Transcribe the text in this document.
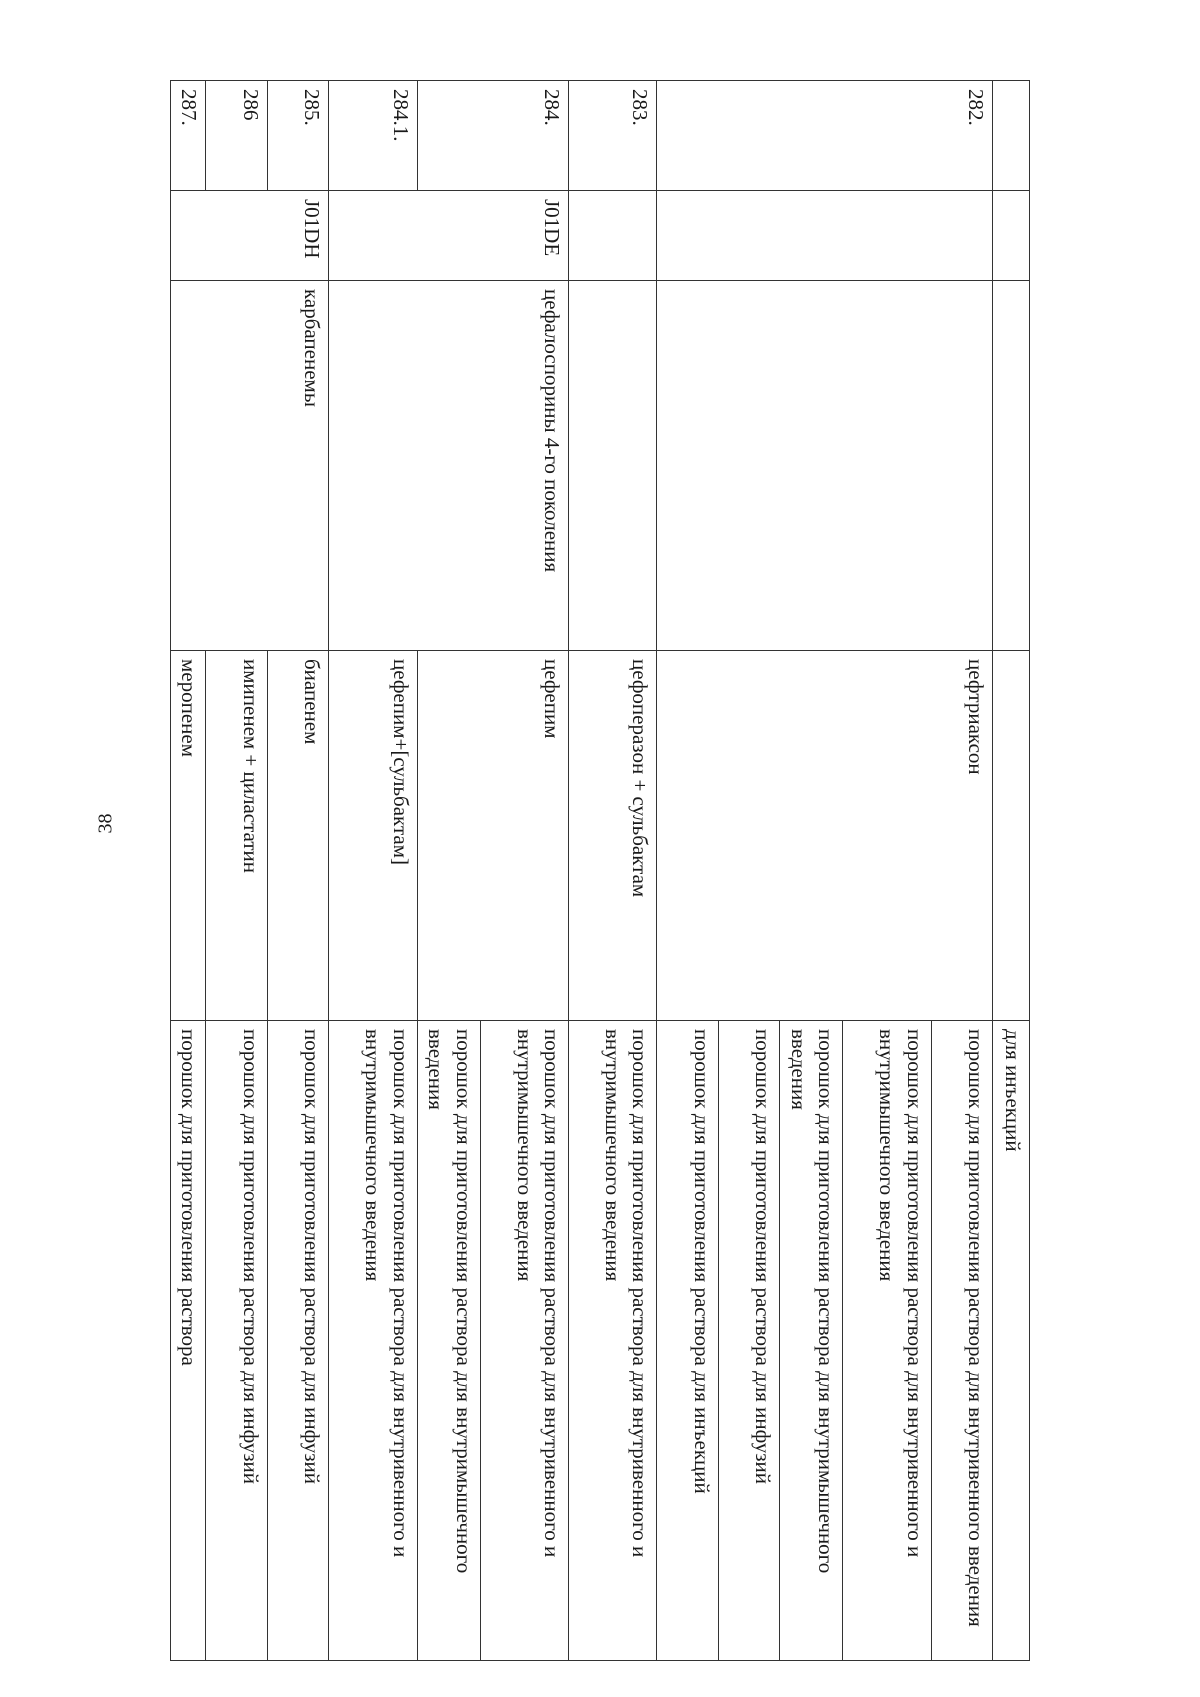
38
				для инъекций
282.			цефтриаксон	порошок для приготовления раствора для внутривенного введения
				порошок для приготовления раствора для внутривенного и внутримышечного введения
				порошок для приготовления раствора для внутримышечного введения
				порошок для приготовления раствора для инфузий
				порошок для приготовления раствора для инъекций
283.			цефоперазон + сульбактам	порошок для приготовления раствора для внутривенного и внутримышечного введения
284.	J01DE	цефалоспорины 4-го поколения	цефепим	порошок для приготовления раствора для внутривенного и внутримышечного введения
				порошок для приготовления раствора для внутримышечного введения
284.1.			цефепим+[сульбактам]	порошок для приготовления раствора для внутривенного и внутримышечного введения
285.	J01DH	карбапенемы	биапенем	порошок для приготовления раствора для инфузий
286			имипенем + циластатин	порошок для приготовления раствора для инфузий
287.			меропенем	порошок для приготовления раствора
